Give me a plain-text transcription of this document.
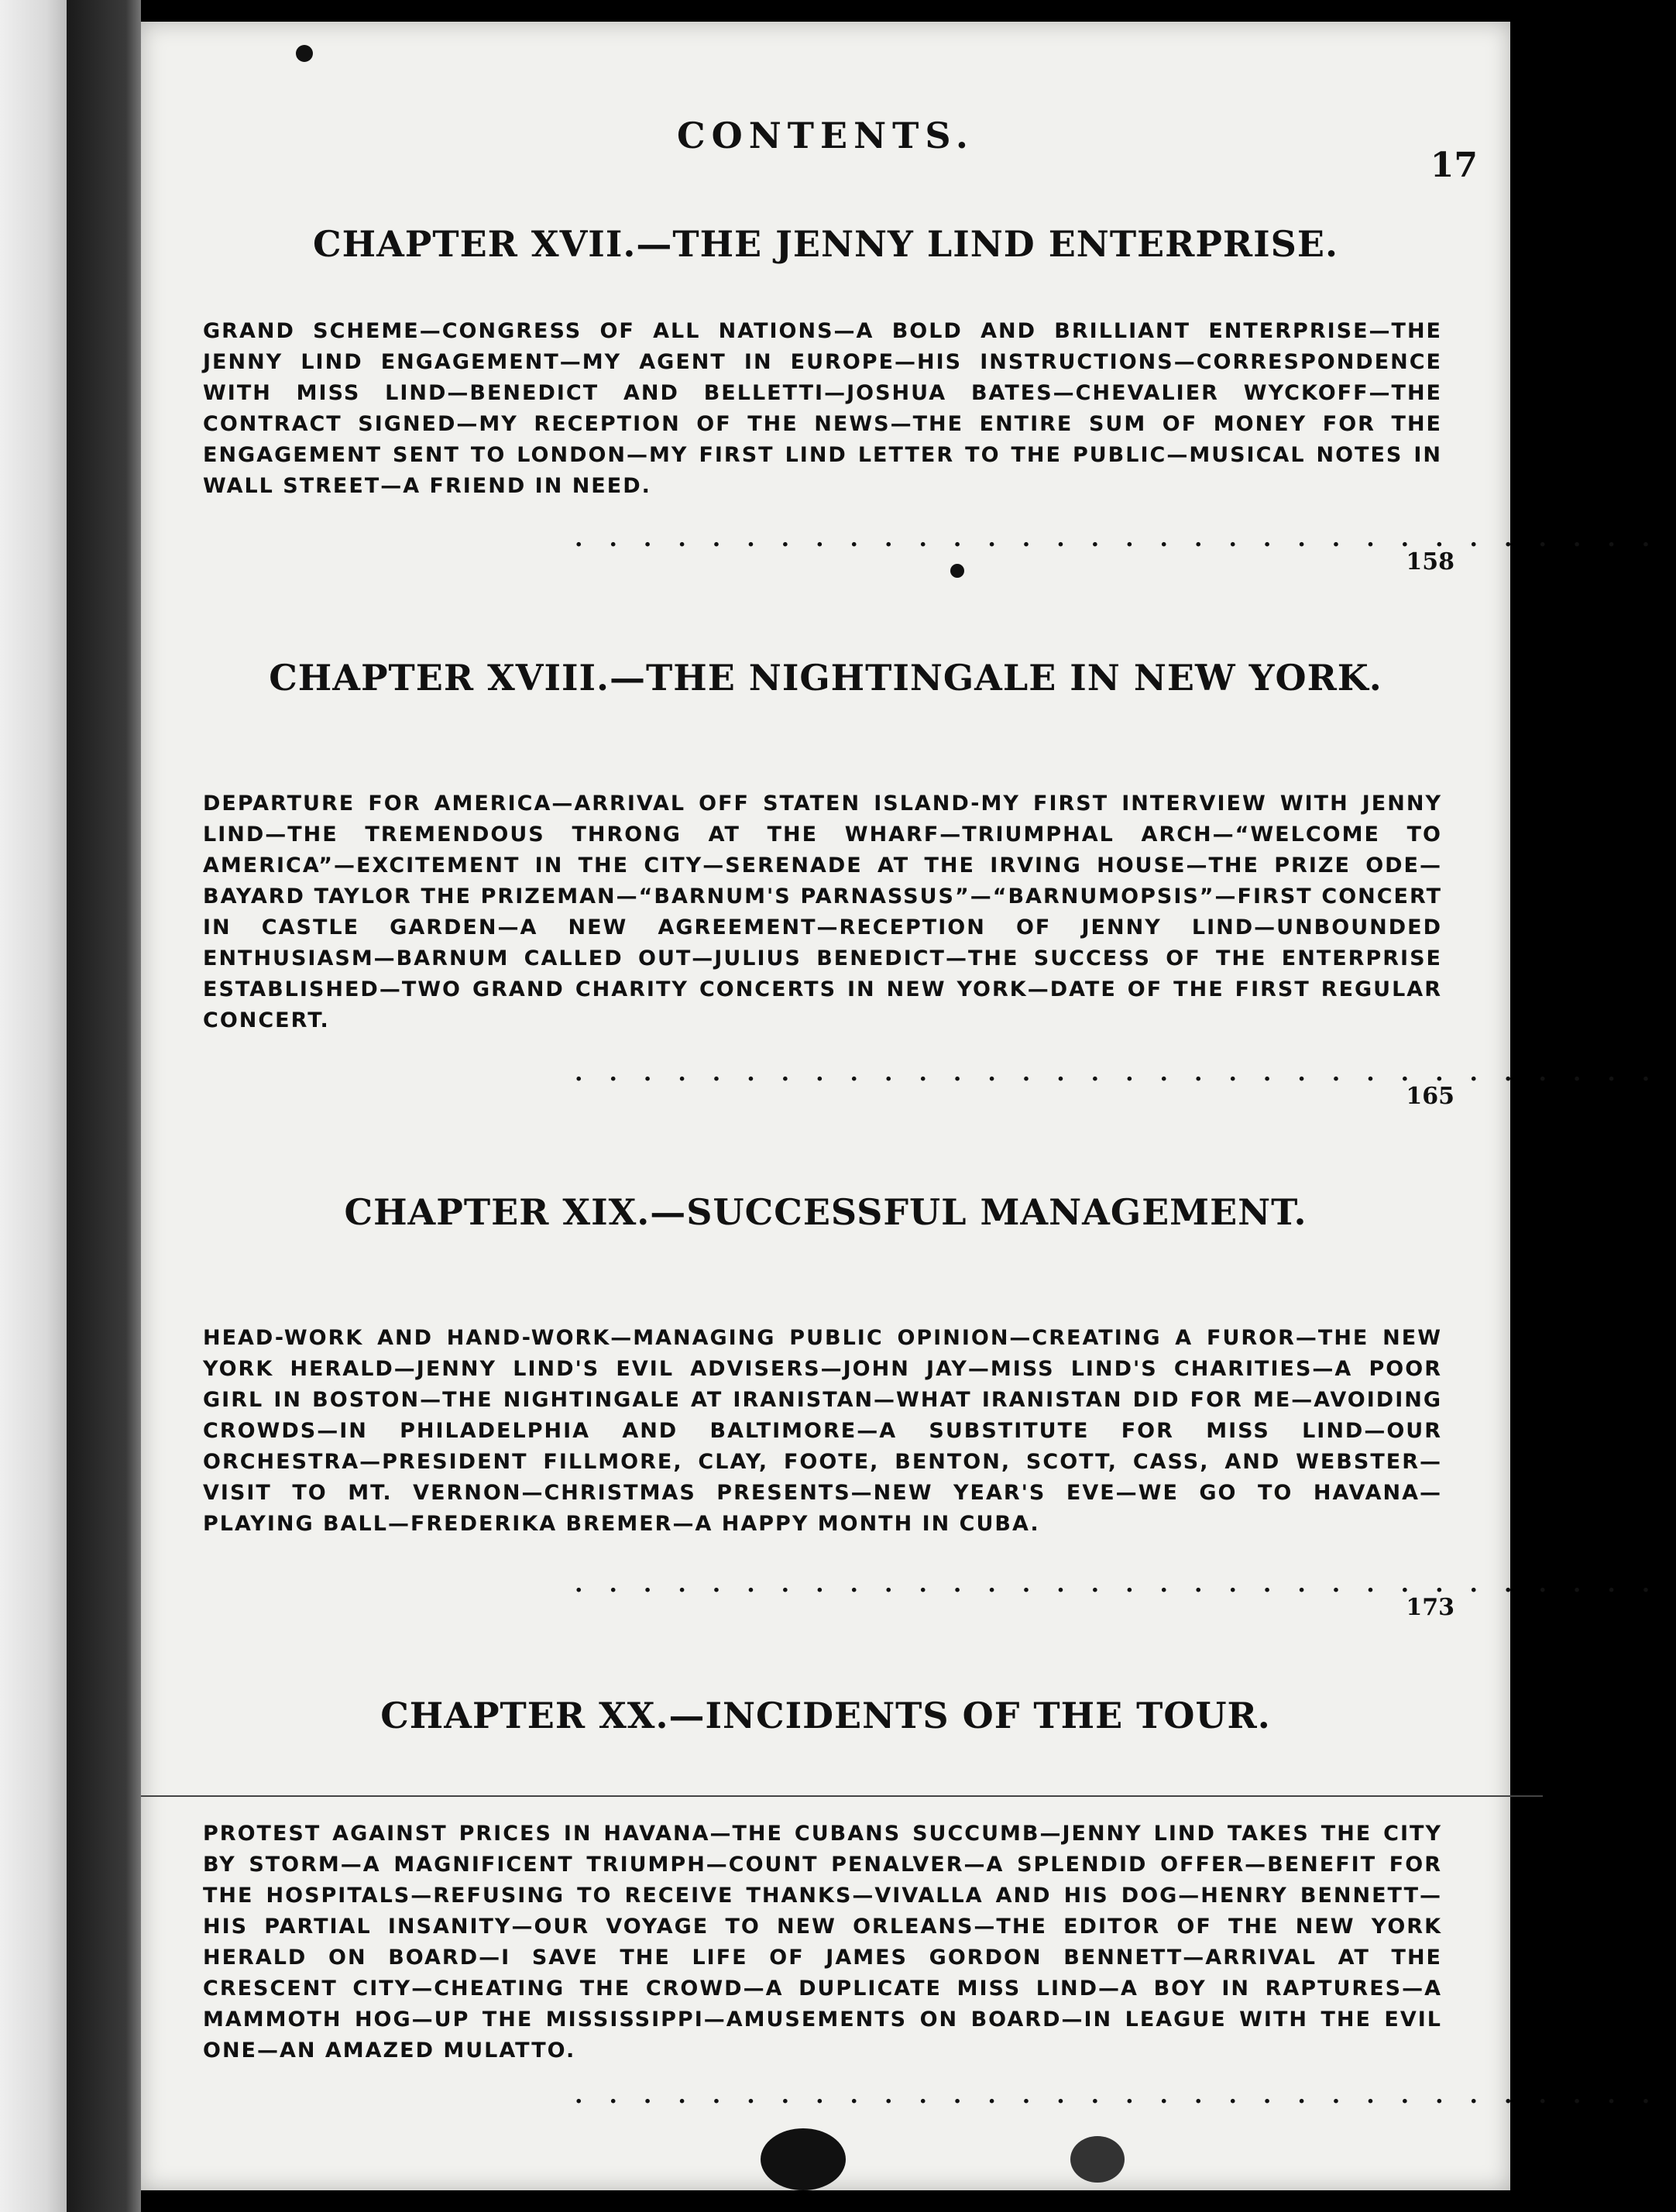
CONTENTS.
17
CHAPTER XVII.—THE JENNY LIND ENTERPRISE.
GRAND SCHEME—CONGRESS OF ALL NATIONS—A BOLD AND BRILLIANT ENTERPRISE—THE JENNY LIND ENGAGEMENT—MY AGENT IN EUROPE—HIS INSTRUCTIONS—CORRESPONDENCE WITH MISS LIND—BENEDICT AND BELLETTI—JOSHUA BATES—CHEVALIER WYCKOFF—THE CONTRACT SIGNED—MY RECEPTION OF THE NEWS—THE ENTIRE SUM OF MONEY FOR THE ENGAGEMENT SENT TO LONDON—MY FIRST LIND LETTER TO THE PUBLIC—MUSICAL NOTES IN WALL STREET—A FRIEND IN NEED.
................................
158
CHAPTER XVIII.—THE NIGHTINGALE IN NEW YORK.
DEPARTURE FOR AMERICA—ARRIVAL OFF STATEN ISLAND-MY FIRST INTERVIEW WITH JENNY LIND—THE TREMENDOUS THRONG AT THE WHARF—TRIUMPHAL ARCH—“WELCOME TO AMERICA”—EXCITEMENT IN THE CITY—SERENADE AT THE IRVING HOUSE—THE PRIZE ODE—BAYARD TAYLOR THE PRIZEMAN—“BARNUM'S PARNASSUS”—“BARNUMOPSIS”—FIRST CONCERT IN CASTLE GARDEN—A NEW AGREEMENT—RECEPTION OF JENNY LIND—UNBOUNDED ENTHUSIASM—BARNUM CALLED OUT—JULIUS BENEDICT—THE SUCCESS OF THE ENTERPRISE ESTABLISHED—TWO GRAND CHARITY CONCERTS IN NEW YORK—DATE OF THE FIRST REGULAR CONCERT.
................................
165
CHAPTER XIX.—SUCCESSFUL MANAGEMENT.
HEAD-WORK AND HAND-WORK—MANAGING PUBLIC OPINION—CREATING A FUROR—THE NEW YORK HERALD—JENNY LIND'S EVIL ADVISERS—JOHN JAY—MISS LIND'S CHARITIES—A POOR GIRL IN BOSTON—THE NIGHTINGALE AT IRANISTAN—WHAT IRANISTAN DID FOR ME—AVOIDING CROWDS—IN PHILADELPHIA AND BALTIMORE—A SUBSTITUTE FOR MISS LIND—OUR ORCHESTRA—PRESIDENT FILLMORE, CLAY, FOOTE, BENTON, SCOTT, CASS, AND WEBSTER—VISIT TO MT. VERNON—CHRISTMAS PRESENTS—NEW YEAR'S EVE—WE GO TO HAVANA—PLAYING BALL—FREDERIKA BREMER—A HAPPY MONTH IN CUBA.
................................
173
CHAPTER XX.—INCIDENTS OF THE TOUR.
PROTEST AGAINST PRICES IN HAVANA—THE CUBANS SUCCUMB—JENNY LIND TAKES THE CITY BY STORM—A MAGNIFICENT TRIUMPH—COUNT PENALVER—A SPLENDID OFFER—BENEFIT FOR THE HOSPITALS—REFUSING TO RECEIVE THANKS—VIVALLA AND HIS DOG—HENRY BENNETT—HIS PARTIAL INSANITY—OUR VOYAGE TO NEW ORLEANS—THE EDITOR OF THE NEW YORK HERALD ON BOARD—I SAVE THE LIFE OF JAMES GORDON BENNETT—ARRIVAL AT THE CRESCENT CITY—CHEATING THE CROWD—A DUPLICATE MISS LIND—A BOY IN RAPTURES—A MAMMOTH HOG—UP THE MISSISSIPPI—AMUSEMENTS ON BOARD—IN LEAGUE WITH THE EVIL ONE—AN AMAZED MULATTO.
................................
